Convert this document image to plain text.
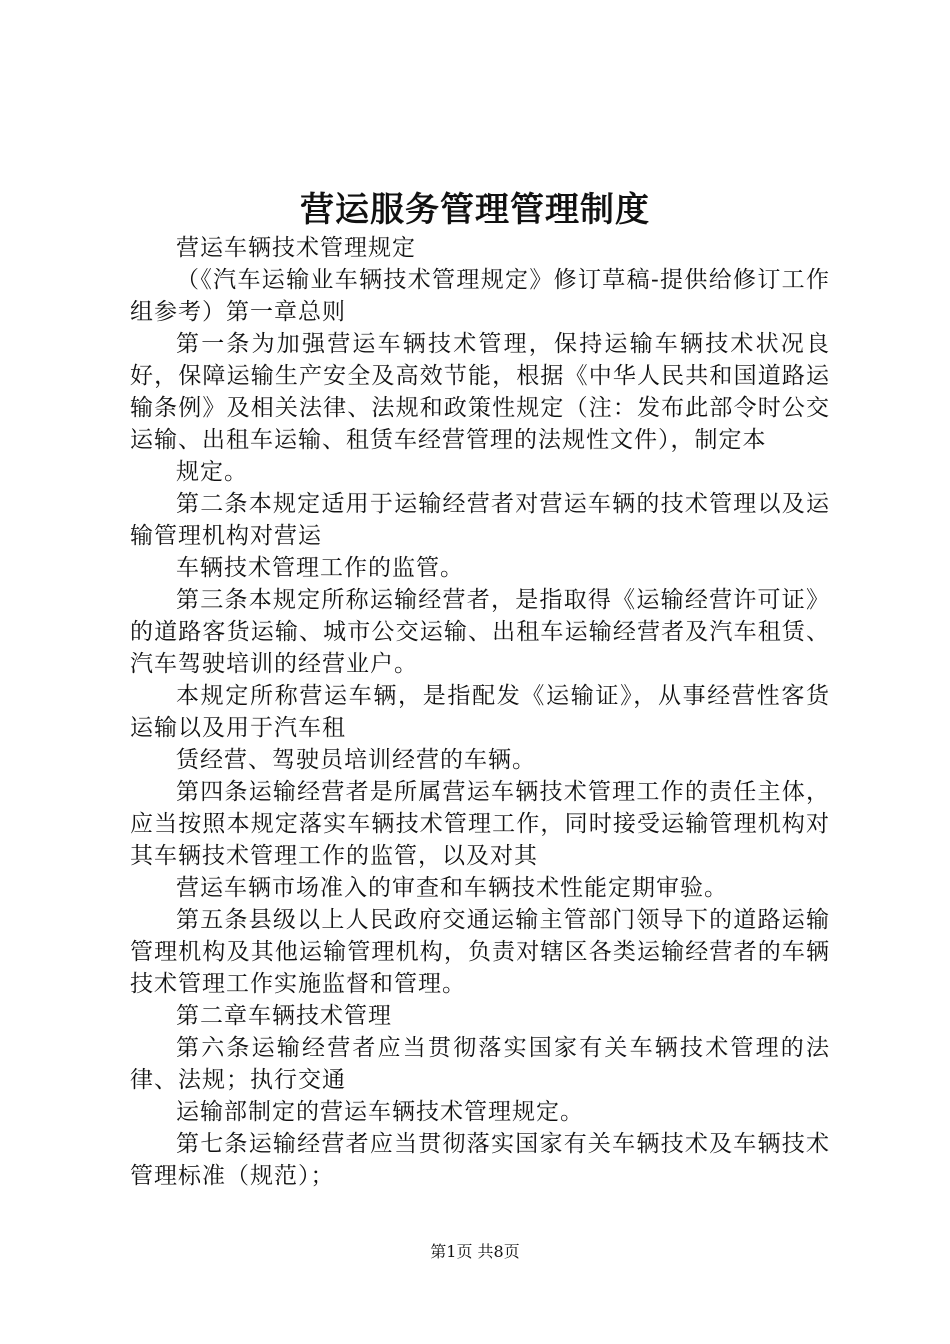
营运服务管理管理制度

营运车辆技术管理规定

（《汽车运输业车辆技术管理规定》修订草稿-提供给修订工作组参考）第一章总则

第一条为加强营运车辆技术管理，保持运输车辆技术状况良好，保障运输生产安全及高效节能，根据《中华人民共和国道路运输条例》及相关法律、法规和政策性规定（注：发布此部令时公交运输、出租车运输、租赁车经营管理的法规性文件），制定本

规定。

第二条本规定适用于运输经营者对营运车辆的技术管理以及运输管理机构对营运

车辆技术管理工作的监管。

第三条本规定所称运输经营者，是指取得《运输经营许可证》的道路客货运输、城市公交运输、出租车运输经营者及汽车租赁、汽车驾驶培训的经营业户。

本规定所称营运车辆，是指配发《运输证》，从事经营性客货运输以及用于汽车租

赁经营、驾驶员培训经营的车辆。

第四条运输经营者是所属营运车辆技术管理工作的责任主体，应当按照本规定落实车辆技术管理工作，同时接受运输管理机构对其车辆技术管理工作的监管，以及对其

营运车辆市场准入的审查和车辆技术性能定期审验。

第五条县级以上人民政府交通运输主管部门领导下的道路运输管理机构及其他运输管理机构，负责对辖区各类运输经营者的车辆技术管理工作实施监督和管理。

第二章车辆技术管理

第六条运输经营者应当贯彻落实国家有关车辆技术管理的法律、法规；执行交通

运输部制定的营运车辆技术管理规定。

第七条运输经营者应当贯彻落实国家有关车辆技术及车辆技术管理标准（规范）；

第1页 共8页
